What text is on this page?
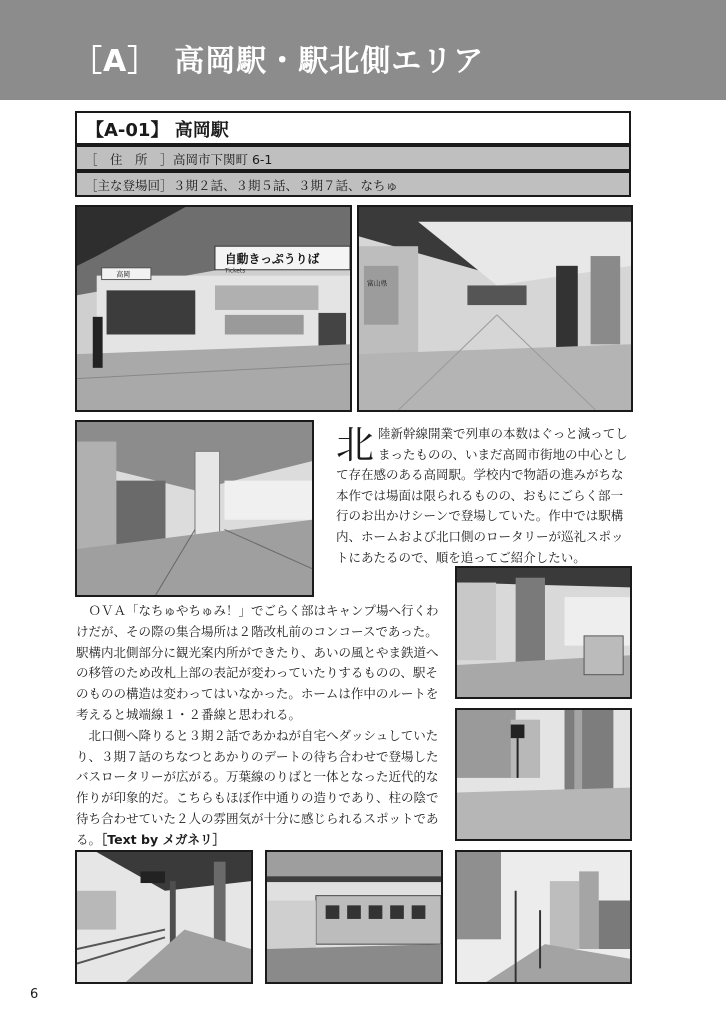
［A］　高岡駅・駅北側エリア
【A-01】 高岡駅
［　住　所　］ 高岡市下関町 6-1
［主な登場回］ ３期２話、３期５話、３期７話、なちゅ
自動きっぷうりば
Tickets
高岡
富山県
北陸新幹線開業で列車の本数はぐっと減ってしまったものの、いまだ高岡市街地の中心として存在感のある高岡駅。学校内で物語の進みがちな本作では場面は限られるものの、おもにごらく部一行のお出かけシーンで登場していた。作中では駅構内、ホームおよび北口側のロータリーが巡礼スポットにあたるので、順を追ってご紹介したい。

ＯＶＡ「なちゅやちゅみ！」でごらく部はキャンプ場へ行くわけだが、その際の集合場所は２階改札前のコンコースであった。駅構内北側部分に観光案内所ができたり、あいの風とやま鉄道への移管のため改札上部の表記が変わっていたりするものの、駅そのものの構造は変わってはいなかった。ホームは作中のルートを考えると城端線１・２番線と思われる。

北口側へ降りると３期２話であかねが自宅へダッシュしていたり、３期７話のちなつとあかりのデートの待ち合わせで登場したバスロータリーが広がる。万葉線のりばと一体となった近代的な作りが印象的だ。こちらもほぼ作中通りの造りであり、柱の陰で待ち合わせていた２人の雰囲気が十分に感じられるスポットである。［Text by メガネリ］

6
